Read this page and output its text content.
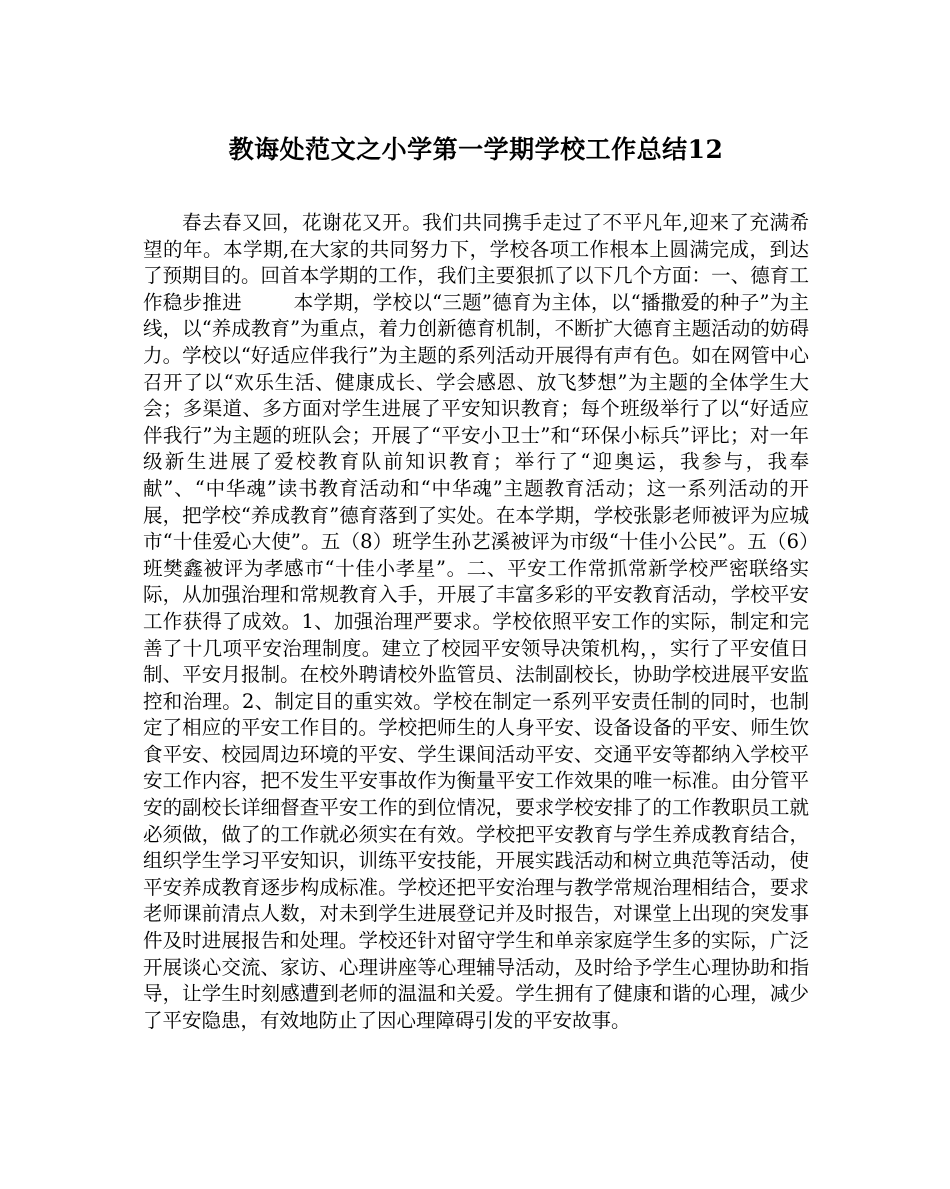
教诲处范文之小学第一学期学校工作总结12

春去春又回，花谢花又开。我们共同携手走过了不平凡年,迎来了充满希望的年。本学期,在大家的共同努力下，学校各项工作根本上圆满完成，到达了预期目的。回首本学期的工作，我们主要狠抓了以下几个方面：一、德育工作稳步推进        本学期，学校以“三题”德育为主体，以“播撒爱的种子”为主线，以“养成教育”为重点，着力创新德育机制，不断扩大德育主题活动的妨碍力。学校以“好适应伴我行”为主题的系列活动开展得有声有色。如在网管中心召开了以“欢乐生活、健康成长、学会感恩、放飞梦想”为主题的全体学生大会；多渠道、多方面对学生进展了平安知识教育；每个班级举行了以“好适应伴我行”为主题的班队会；开展了“平安小卫士”和“环保小标兵”评比；对一年级新生进展了爱校教育队前知识教育；举行了“迎奥运，我参与，我奉献”、“中华魂”读书教育活动和“中华魂”主题教育活动；这一系列活动的开展，把学校“养成教育”德育落到了实处。在本学期，学校张影老师被评为应城市“十佳爱心大使”。五（8）班学生孙艺溪被评为市级“十佳小公民”。五（6）班樊鑫被评为孝感市“十佳小孝星”。二、平安工作常抓常新学校严密联络实际，从加强治理和常规教育入手，开展了丰富多彩的平安教育活动，学校平安工作获得了成效。1、加强治理严要求。学校依照平安工作的实际，制定和完善了十几项平安治理制度。建立了校园平安领导决策机构，，实行了平安值日制、平安月报制。在校外聘请校外监管员、法制副校长，协助学校进展平安监控和治理。2、制定目的重实效。学校在制定一系列平安责任制的同时，也制定了相应的平安工作目的。学校把师生的人身平安、设备设备的平安、师生饮食平安、校园周边环境的平安、学生课间活动平安、交通平安等都纳入学校平安工作内容，把不发生平安事故作为衡量平安工作效果的唯一标准。由分管平安的副校长详细督查平安工作的到位情况，要求学校安排了的工作教职员工就必须做，做了的工作就必须实在有效。学校把平安教育与学生养成教育结合，组织学生学习平安知识，训练平安技能，开展实践活动和树立典范等活动，使平安养成教育逐步构成标准。学校还把平安治理与教学常规治理相结合，要求老师课前清点人数，对未到学生进展登记并及时报告，对课堂上出现的突发事件及时进展报告和处理。学校还针对留守学生和单亲家庭学生多的实际，广泛开展谈心交流、家访、心理讲座等心理辅导活动，及时给予学生心理协助和指导，让学生时刻感遭到老师的温温和关爱。学生拥有了健康和谐的心理，减少了平安隐患，有效地防止了因心理障碍引发的平安故事。
